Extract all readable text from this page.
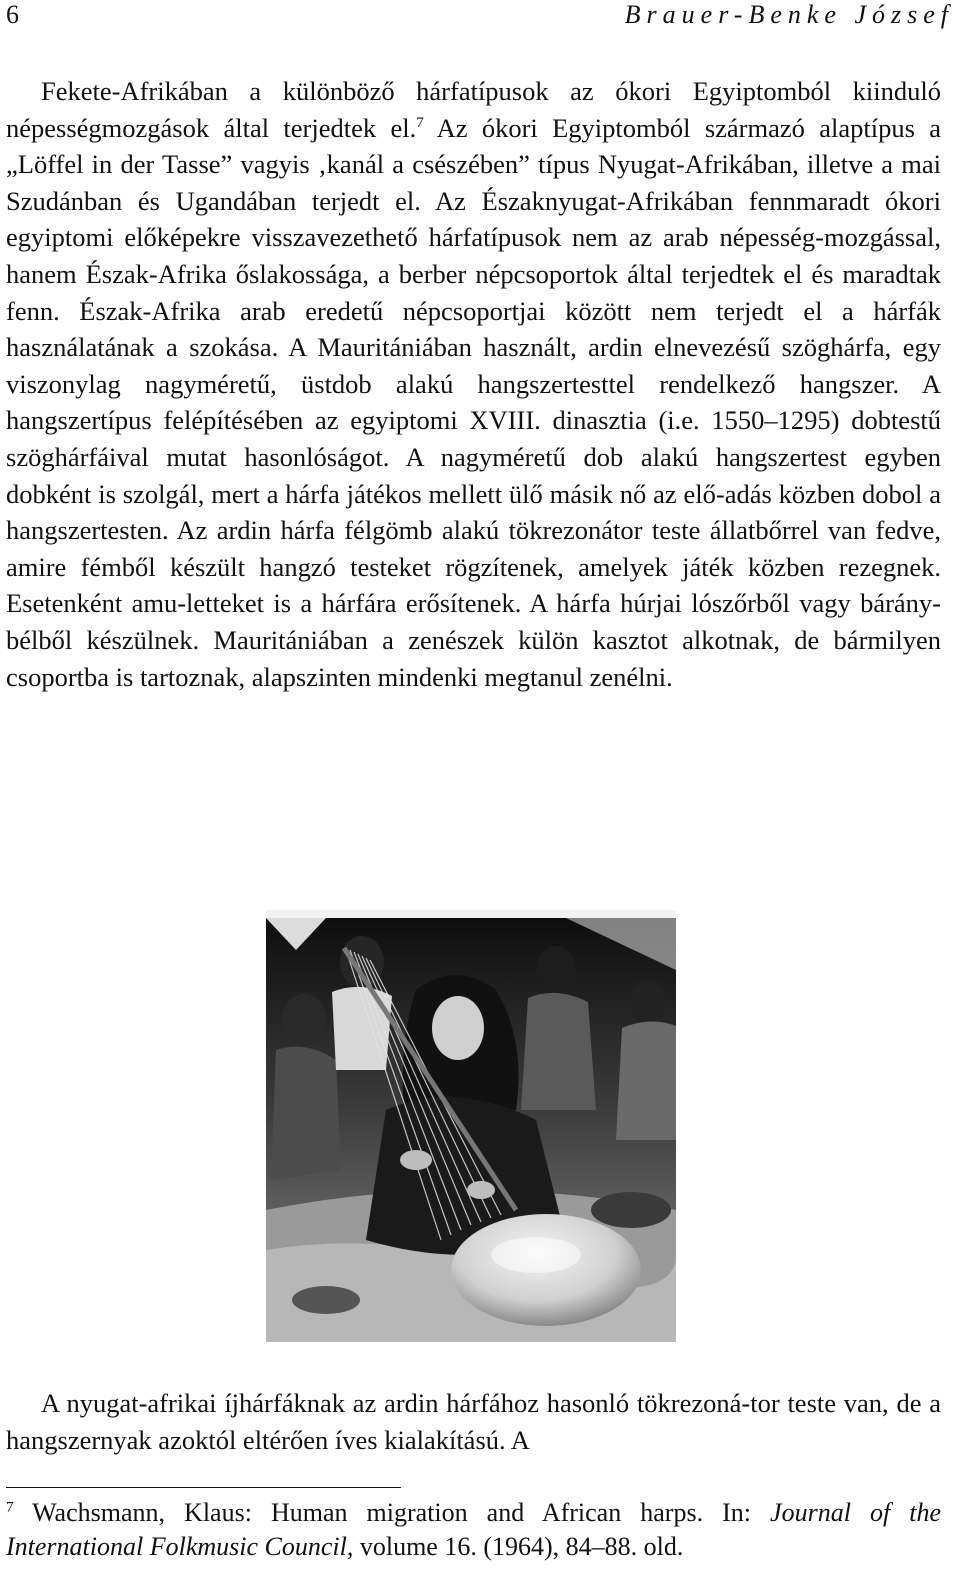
6	Brauer-Benke József

Fekete-Afrikában a különböző hárfatípusok az ókori Egyiptomból kiinduló népességmozgások által terjedtek el.$^7$ Az ókori Egyiptomból származó alaptípus a „Löffel in der Tasse” vagyis ‚kanál a csészében” típus Nyugat-Afrikában, illetve a mai Szudánban és Ugandában terjedt el. Az Északnyugat-Afrikában fennmaradt ókori egyiptomi előképekre visszavezethető hárfatípusok nem az arab népesség-mozgással, hanem Észak-Afrika őslakossága, a berber népcsoportok által terjedtek el és maradtak fenn. Észak-Afrika arab eredetű népcsoportjai között nem terjedt el a hárfák használatának a szokása. A Mauritániában használt, ardin elnevezésű szöghárfa, egy viszonylag nagyméretű, üstdob alakú hangszertesttel rendelkező hangszer. A hangszertípus felépítésében az egyiptomi XVIII. dinasztia (i.e. 1550–1295) dobtestű szöghárfáival mutat hasonlóságot. A nagyméretű dob alakú hangszertest egyben dobként is szolgál, mert a hárfa játékos mellett ülő másik nő az elő-adás közben dobol a hangszertesten. Az ardin hárfa félgömb alakú tökrezonátor teste állatbőrrel van fedve, amire fémből készült hangzó testeket rögzítenek, amelyek játék közben rezegnek. Esetenként amu-letteket is a hárfára erősítenek. A hárfa húrjai lószőrből vagy bárány-bélből készülnek. Mauritániában a zenészek külön kasztot alkotnak, de bármilyen csoportba is tartoznak, alapszinten mindenki megtanul zenélni.

A nyugat-afrikai íjhárfáknak az ardin hárfához hasonló tökrezoná-tor teste van, de a hangszernyak azoktól eltérően íves kialakítású. A

$^7$ Wachsmann, Klaus: Human migration and African harps. In: Journal of the International Folkmusic Council, volume 16. (1964), 84–88. old.
